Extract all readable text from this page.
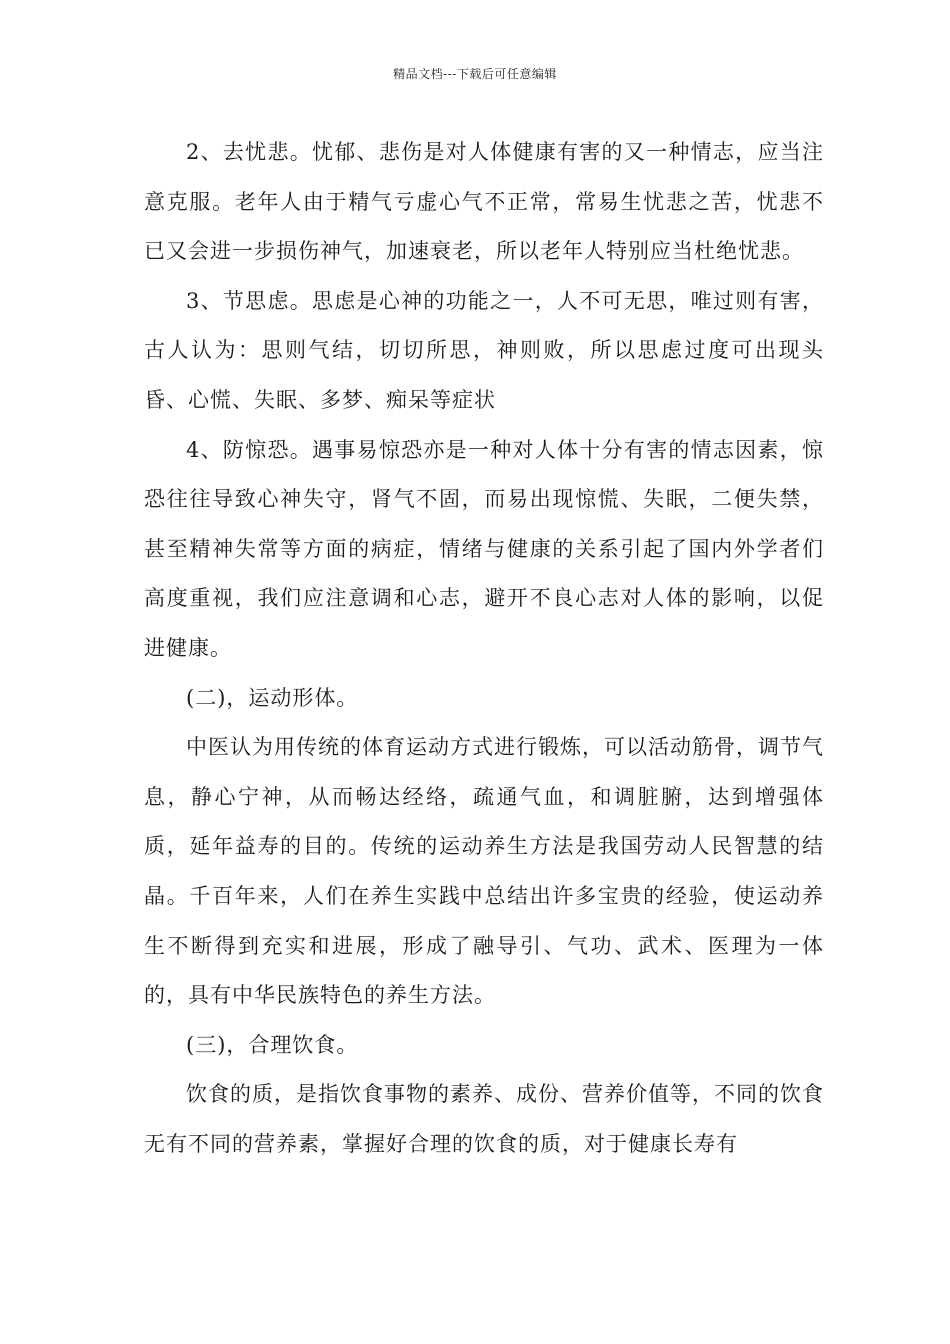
精品文档---下载后可任意编辑

2、去忧悲。忧郁、悲伤是对人体健康有害的又一种情志，应当注意克服。老年人由于精气亏虚心气不正常，常易生忧悲之苦，忧悲不已又会进一步损伤神气，加速衰老，所以老年人特别应当杜绝忧悲。

3、节思虑。思虑是心神的功能之一，人不可无思，唯过则有害，古人认为：思则气结，切切所思，神则败，所以思虑过度可出现头昏、心慌、失眠、多梦、痴呆等症状

4、防惊恐。遇事易惊恐亦是一种对人体十分有害的情志因素，惊恐往往导致心神失守，肾气不固，而易出现惊慌、失眠，二便失禁，甚至精神失常等方面的病症，情绪与健康的关系引起了国内外学者们高度重视，我们应注意调和心志，避开不良心志对人体的影响，以促进健康。

(二)，运动形体。

中医认为用传统的体育运动方式进行锻炼，可以活动筋骨，调节气息，静心宁神，从而畅达经络，疏通气血，和调脏腑，达到增强体质，延年益寿的目的。传统的运动养生方法是我国劳动人民智慧的结晶。千百年来，人们在养生实践中总结出许多宝贵的经验，使运动养生不断得到充实和进展，形成了融导引、气功、武术、医理为一体的，具有中华民族特色的养生方法。

(三)，合理饮食。

饮食的质，是指饮食事物的素养、成份、营养价值等，不同的饮食无有不同的营养素，掌握好合理的饮食的质，对于健康长寿有
